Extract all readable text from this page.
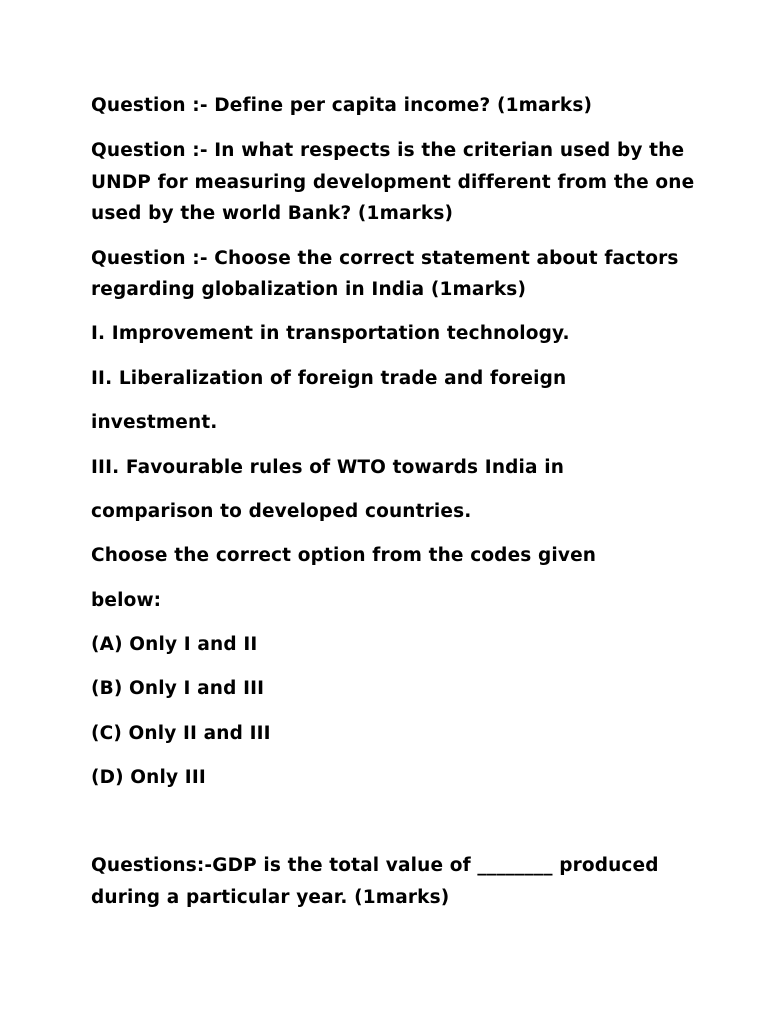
Question :- Define per capita income? (1marks)
Question :- In what respects is the criterian used by the
UNDP for measuring development different from the one
used by the world Bank? (1marks)
Question :- Choose the correct statement about factors
regarding globalization in India (1marks)
I. Improvement in transportation technology.
II. Liberalization of foreign trade and foreign
investment.
III. Favourable rules of WTO towards India in
comparison to developed countries.
Choose the correct option from the codes given
below:
(A) Only I and II
(B) Only I and III
(C) Only II and III
(D) Only III
Questions:-GDP is the total value of ________ produced
during a particular year. (1marks)
